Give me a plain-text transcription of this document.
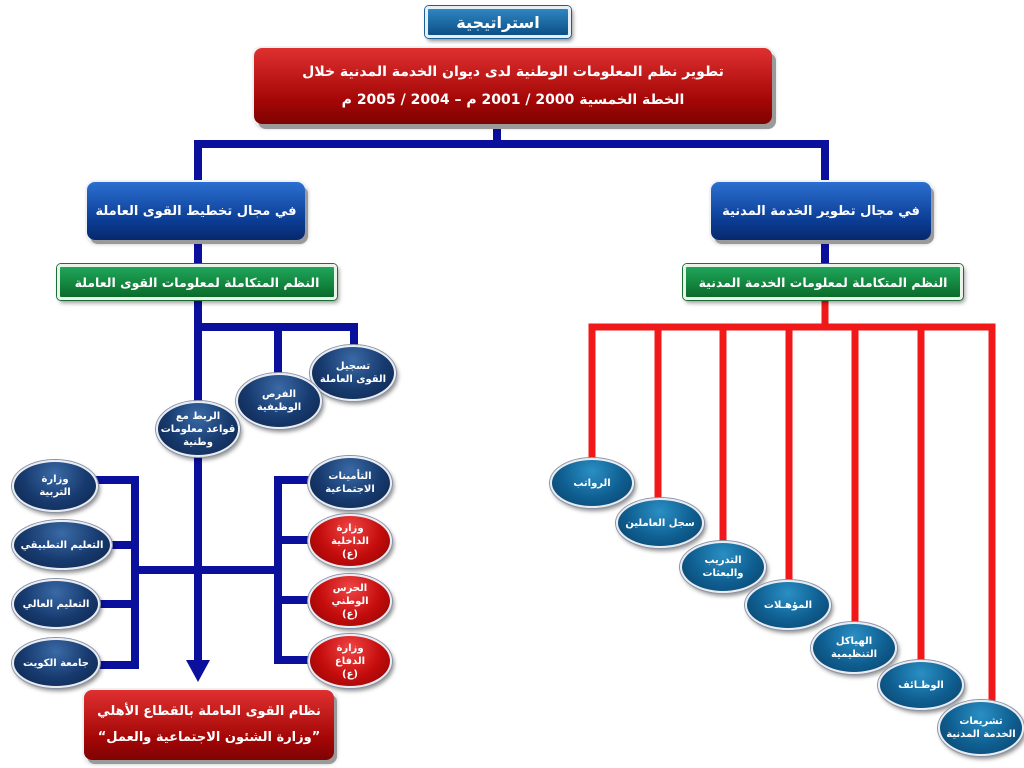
استراتيجية
تطوير نظم المعلومات الوطنية لدى ديوان الخدمة المدنية خلال
الخطة الخمسية 2000 / 2001 م – 2004 / 2005 م
في مجال تخطيط القوى العاملة	في مجال تطوير الخدمة المدنية
النظم المتكاملة لمعلومات القوى العاملة	النظم المتكاملة لمعلومات الخدمة المدنية
تسجيل
القوى العاملة
الفرص
الوظيفية
الربط مع
قواعد معلومات
وطنية
وزارة
التربية
التعليم التطبيقي
التعليم العالي
جامعة الكويت
التأمينات
الاجتماعية
وزارة
الداخلية
(ع)
الحرس
الوطني
(ع)
وزارة
الدفاع
(ع)
نظام القوى العاملة بالقطاع الأهلي
”وزارة الشئون الاجتماعية والعمل“
الرواتب
سجل العاملين
التدريب
والبعثات
المؤهـلات
الهياكل
التنظيمية
الوظـائف
تشريعات
الخدمة المدنية
